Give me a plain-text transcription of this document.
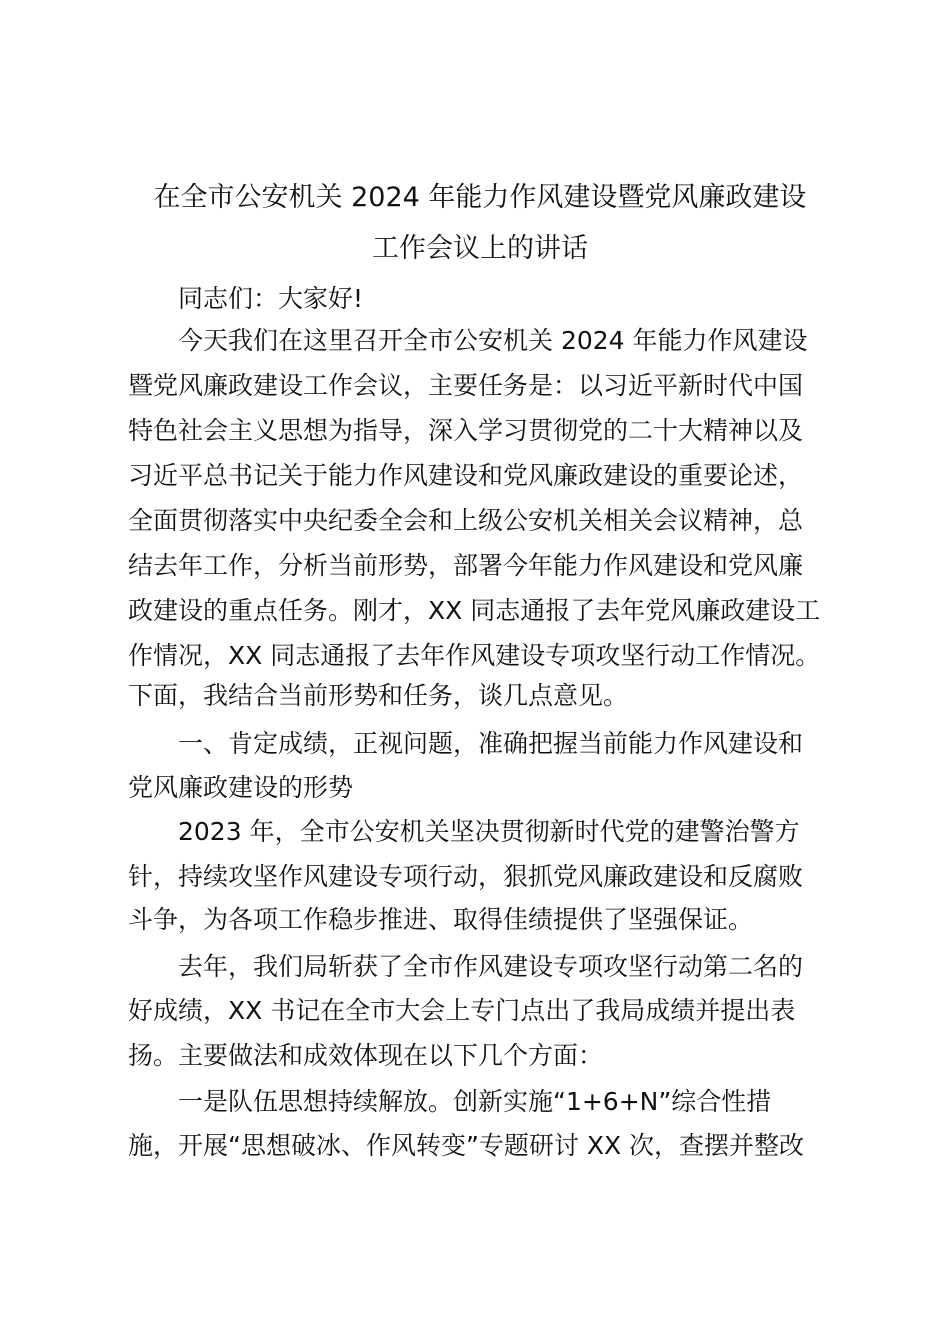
在全市公安机关 2024 年能力作风建设暨党风廉政建设
工作会议上的讲话
同志们：大家好!
今天我们在这里召开全市公安机关 2024 年能力作风建设
暨党风廉政建设工作会议，主要任务是：以习近平新时代中国
特色社会主义思想为指导，深入学习贯彻党的二十大精神以及
习近平总书记关于能力作风建设和党风廉政建设的重要论述，
全面贯彻落实中央纪委全会和上级公安机关相关会议精神，总
结去年工作，分析当前形势，部署今年能力作风建设和党风廉
政建设的重点任务。刚才，XX 同志通报了去年党风廉政建设工
作情况，XX 同志通报了去年作风建设专项攻坚行动工作情况。
下面，我结合当前形势和任务，谈几点意见。
一、肯定成绩，正视问题，准确把握当前能力作风建设和
党风廉政建设的形势
2023 年，全市公安机关坚决贯彻新时代党的建警治警方
针，持续攻坚作风建设专项行动，狠抓党风廉政建设和反腐败
斗争，为各项工作稳步推进、取得佳绩提供了坚强保证。
去年，我们局斩获了全市作风建设专项攻坚行动第二名的
好成绩，XX 书记在全市大会上专门点出了我局成绩并提出表
扬。主要做法和成效体现在以下几个方面：
一是队伍思想持续解放。创新实施“1+6+N”综合性措
施，开展“思想破冰、作风转变”专题研讨 XX 次，查摆并整改
